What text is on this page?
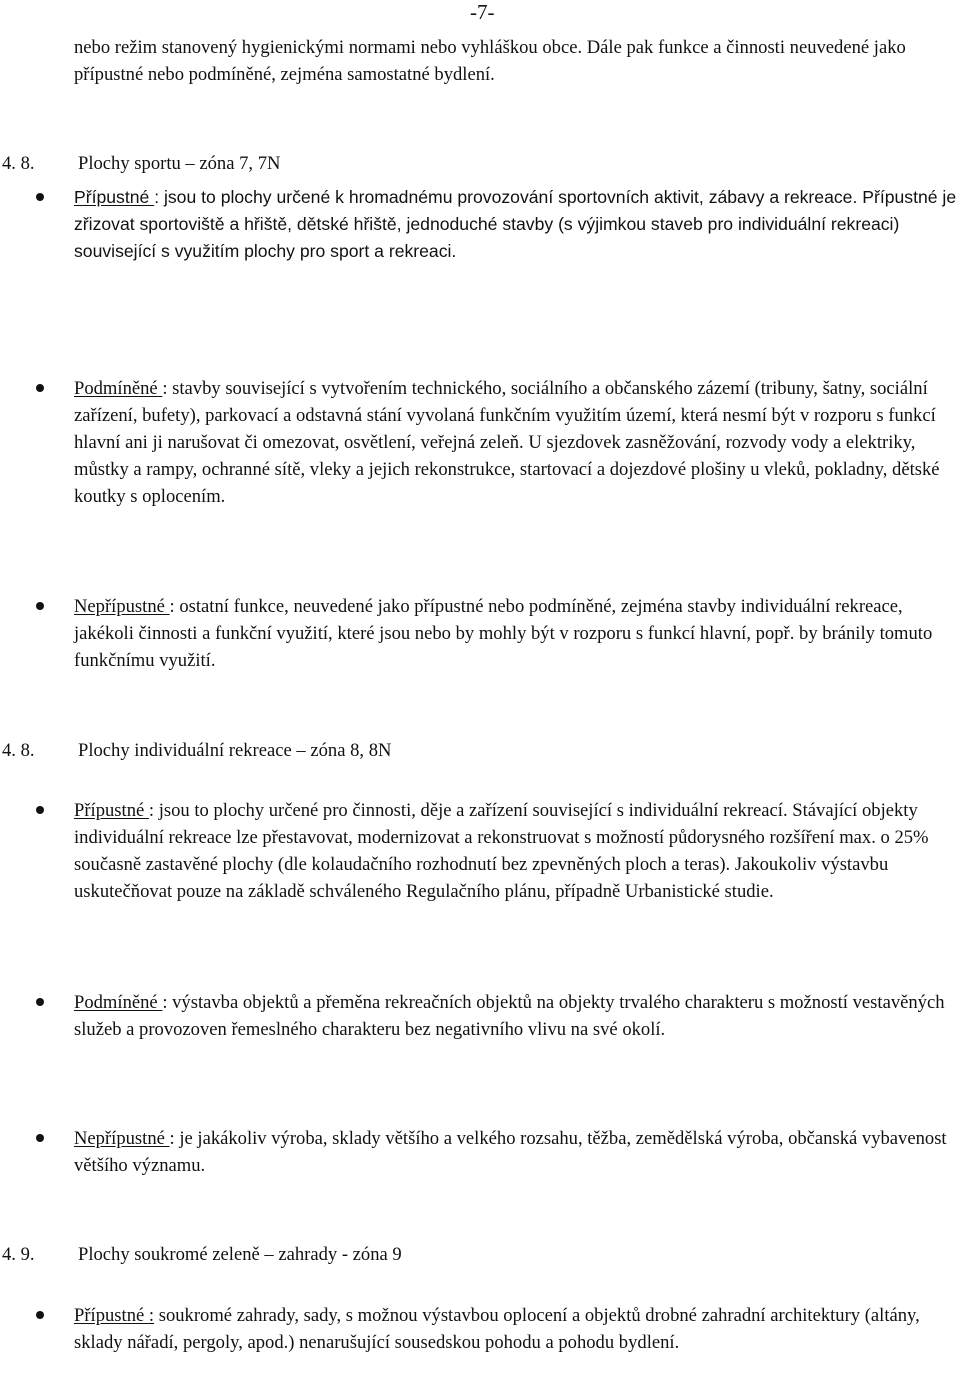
-7-

nebo režim stanovený hygienickými normami nebo vyhláškou obce. Dále pak funkce a činnosti neuvedené jako přípustné nebo podmíněné, zejména samostatné bydlení.

4. 8. Plochy sportu – zóna 7, 7N

Přípustné : jsou to plochy určené k hromadnému provozování sportovních aktivit, zábavy a rekreace. Přípustné je zřizovat sportoviště a hřiště, dětské hřiště, jednoduché stavby (s výjimkou staveb pro individuální rekreaci) související s využitím plochy pro sport a rekreaci.

Podmíněné : stavby související s vytvořením technického, sociálního a občanského zázemí (tribuny, šatny, sociální zařízení, bufety), parkovací a odstavná stání vyvolaná funkčním využitím území, která nesmí být v rozporu s funkcí hlavní ani ji narušovat či omezovat, osvětlení, veřejná zeleň. U sjezdovek zasněžování, rozvody vody a elektriky, můstky a rampy, ochranné sítě, vleky a jejich rekonstrukce, startovací a dojezdové plošiny u vleků, pokladny, dětské koutky s oplocením.

Nepřípustné : ostatní funkce, neuvedené jako přípustné nebo podmíněné, zejména stavby individuální rekreace, jakékoli činnosti a funkční využití, které jsou nebo by mohly být v rozporu s funkcí hlavní, popř. by bránily tomuto funkčnímu využití.

4. 8. Plochy individuální rekreace – zóna 8, 8N

Přípustné : jsou to plochy určené pro činnosti, děje a zařízení související s individuální rekreací. Stávající objekty individuální rekreace lze přestavovat, modernizovat a rekonstruovat s možností půdorysného rozšíření max. o 25% současně zastavěné plochy (dle kolaudačního rozhodnutí bez zpevněných ploch a teras). Jakoukoliv výstavbu uskutečňovat pouze na základě schváleného Regulačního plánu, případně Urbanistické studie.

Podmíněné : výstavba objektů a přeměna rekreačních objektů na objekty trvalého charakteru s možností vestavěných služeb a provozoven řemeslného charakteru bez negativního vlivu na své okolí.

Nepřípustné : je jakákoliv výroba, sklady většího a velkého rozsahu, těžba, zemědělská výroba, občanská vybavenost většího významu.

4. 9. Plochy soukromé zeleně – zahrady - zóna 9

Přípustné : soukromé zahrady, sady, s možnou výstavbou oplocení a objektů drobné zahradní architektury (altány, sklady nářadí, pergoly, apod.) nenarušující sousedskou pohodu a pohodu bydlení.
